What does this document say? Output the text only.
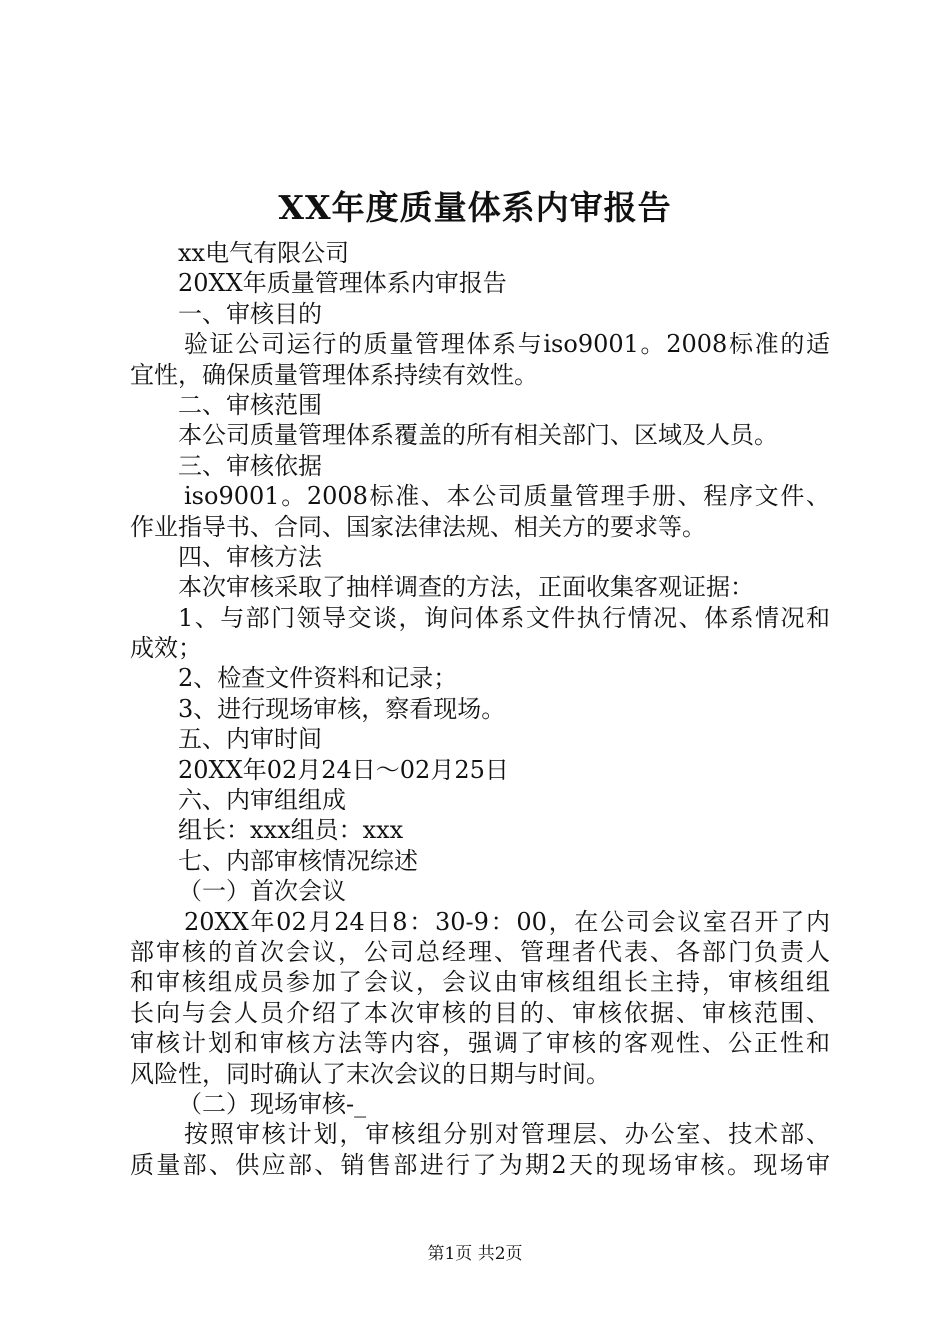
XX年度质量体系内审报告
xx电气有限公司
20XX年质量管理体系内审报告
一、审核目的
验证公司运行的质量管理体系与iso9001。2008标准的适
宜性，确保质量管理体系持续有效性。
二、审核范围
本公司质量管理体系覆盖的所有相关部门、区域及人员。
三、审核依据
iso9001。2008标准、本公司质量管理手册、程序文件、
作业指导书、合同、国家法律法规、相关方的要求等。
四、审核方法
本次审核采取了抽样调查的方法，正面收集客观证据：
1、与部门领导交谈，询问体系文件执行情况、体系情况和
成效；
2、检查文件资料和记录；
3、进行现场审核，察看现场。
五、内审时间
20XX年02月24日～02月25日
六、内审组组成
组长：xxx组员：xxx
七、内部审核情况综述
（一）首次会议
20XX年02月24日8：30-9：00，在公司会议室召开了内
部审核的首次会议，公司总经理、管理者代表、各部门负责人
和审核组成员参加了会议，会议由审核组组长主持，审核组组
长向与会人员介绍了本次审核的目的、审核依据、审核范围、
审核计划和审核方法等内容，强调了审核的客观性、公正性和
风险性，同时确认了末次会议的日期与时间。
（二）现场审核-_
按照审核计划，审核组分别对管理层、办公室、技术部、
质量部、供应部、销售部进行了为期2天的现场审核。现场审
第1页 共2页
